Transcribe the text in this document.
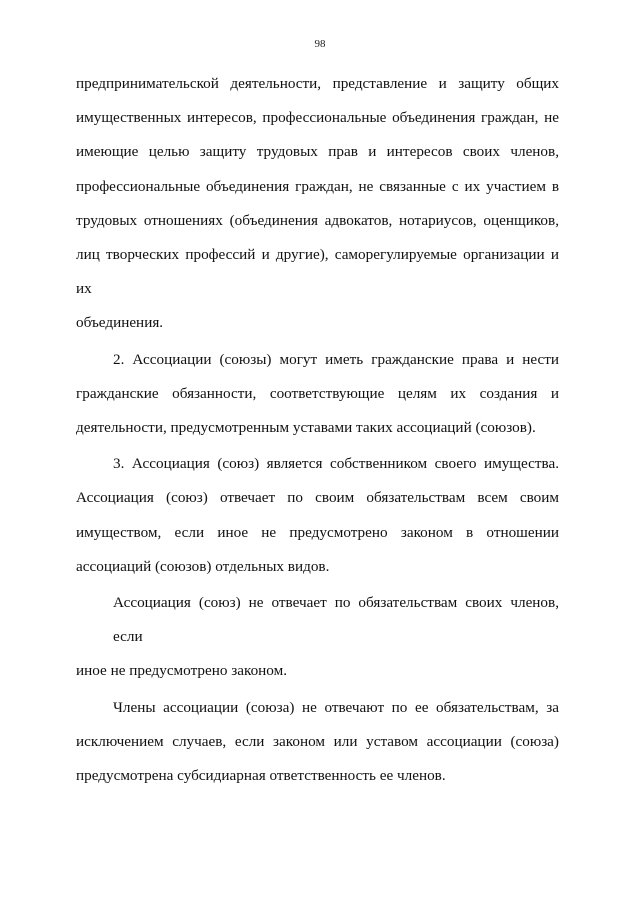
98
предпринимательской деятельности, представление и защиту общих
имущественных интересов, профессиональные объединения граждан, не
имеющие целью защиту трудовых прав и интересов своих членов,
профессиональные объединения граждан, не связанные с их участием в
трудовых отношениях (объединения адвокатов, нотариусов, оценщиков,
лиц творческих профессий и другие), саморегулируемые организации и их
объединения.
2. Ассоциации (союзы) могут иметь гражданские права и нести
гражданские обязанности, соответствующие целям их создания и
деятельности, предусмотренным уставами таких ассоциаций (союзов).
3. Ассоциация (союз) является собственником своего имущества.
Ассоциация (союз) отвечает по своим обязательствам всем своим
имуществом, если иное не предусмотрено законом в отношении
ассоциаций (союзов) отдельных видов.
Ассоциация (союз) не отвечает по обязательствам своих членов, если
иное не предусмотрено законом.
Члены ассоциации (союза) не отвечают по ее обязательствам, за
исключением случаев, если законом или уставом ассоциации (союза)
предусмотрена субсидиарная ответственность ее членов.
